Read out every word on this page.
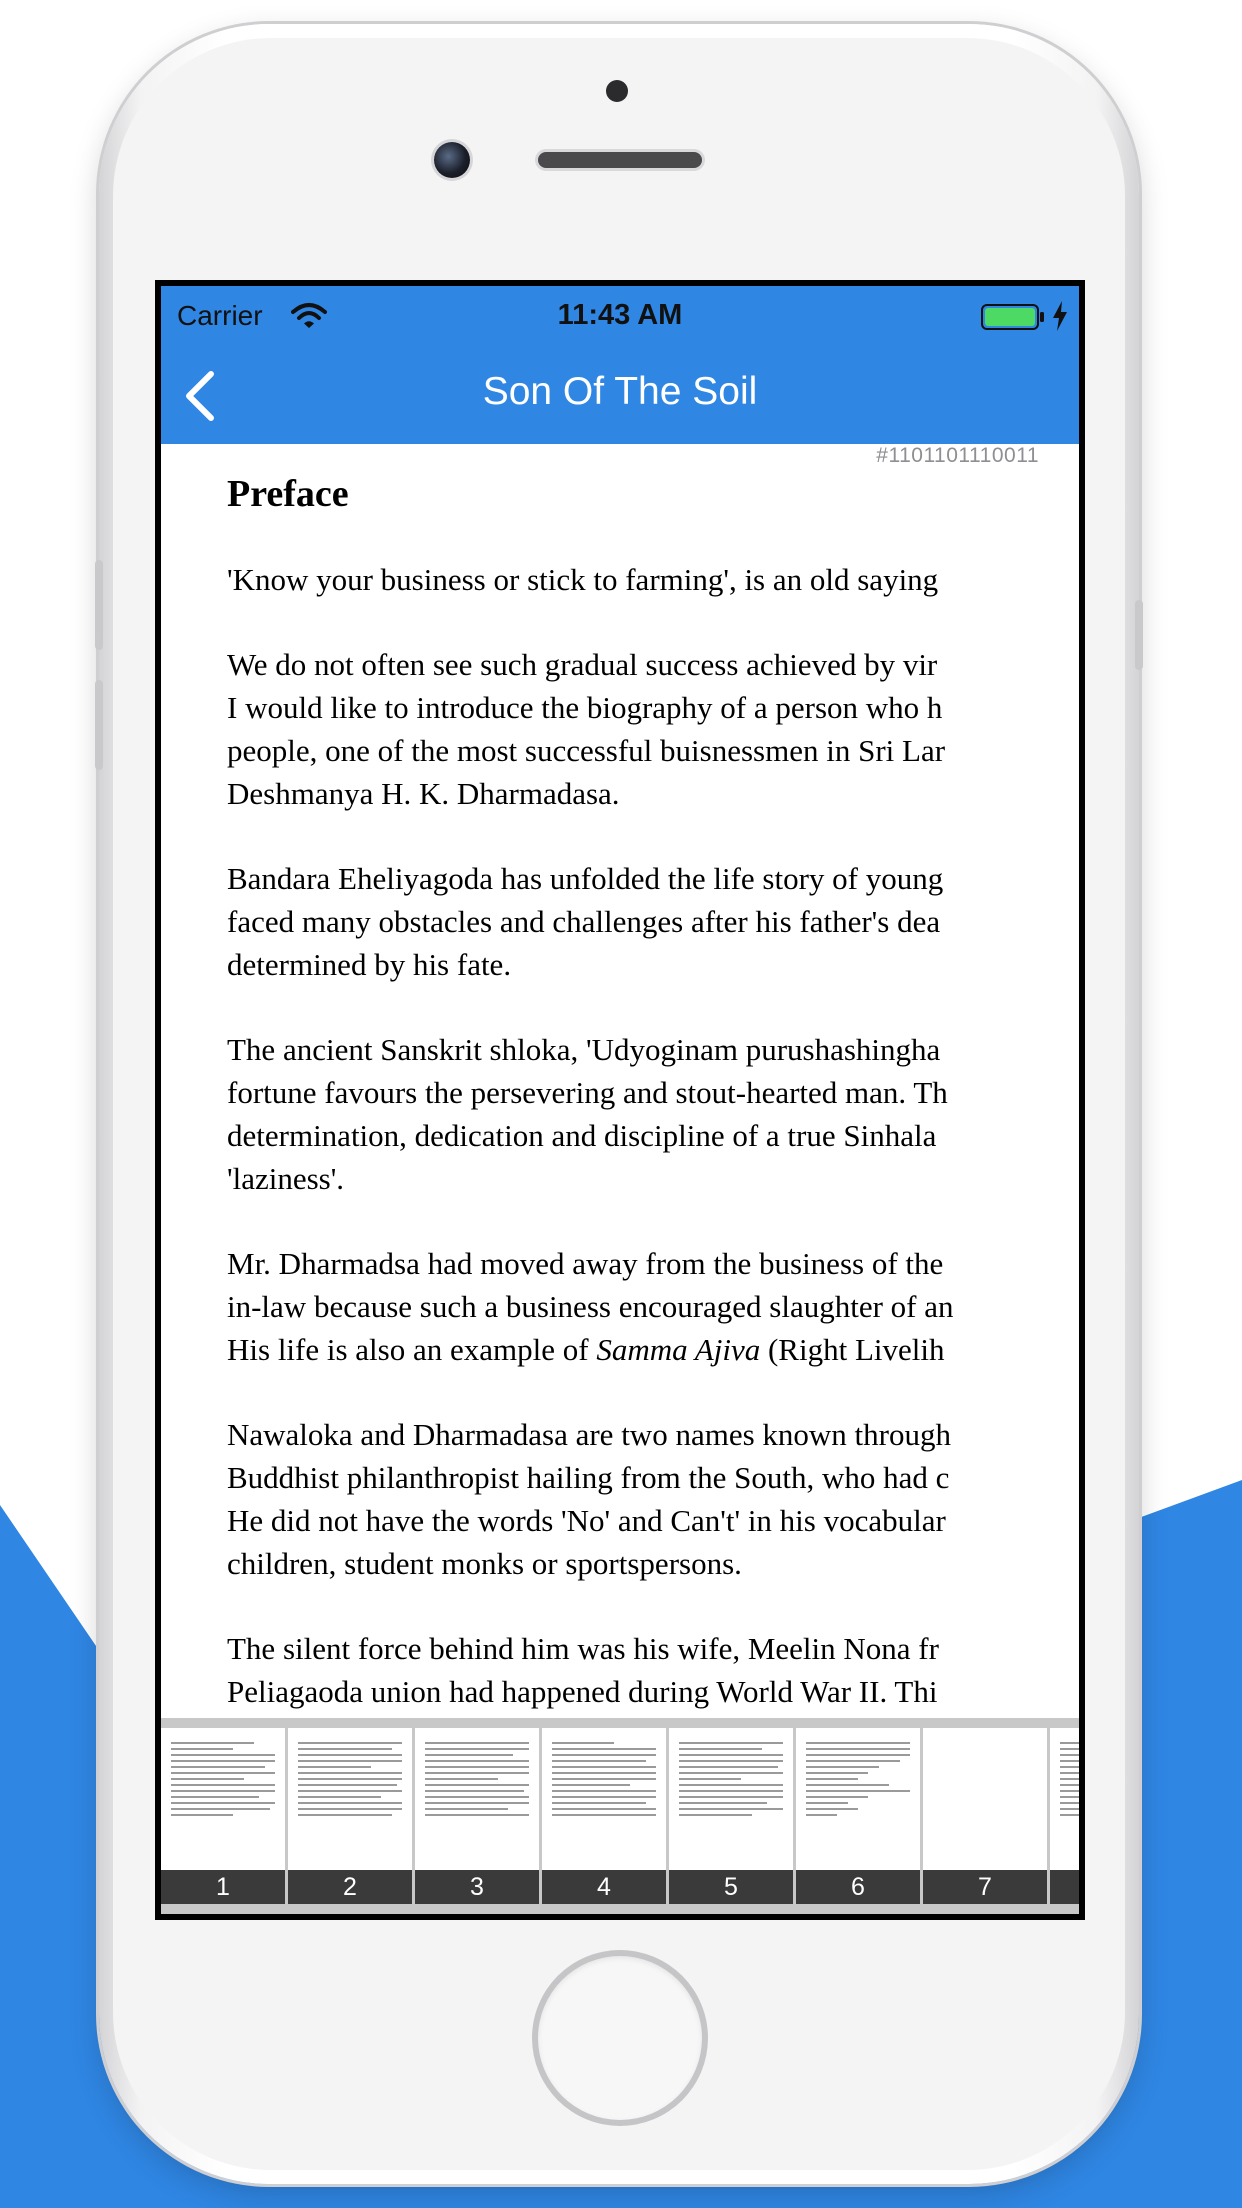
Carrier	11:43 AM
Son Of The Soil
#1101101110011
Preface
'Know your business or stick to farming', is an old saying
We do not often see such gradual success achieved by vir
I would like to introduce the biography of a person who h
people, one of the most successful buisnessmen in Sri Lar
Deshmanya H. K. Dharmadasa.
Bandara Eheliyagoda has unfolded the life story of young
faced many obstacles and challenges after his father's dea
determined by his fate.
The ancient Sanskrit shloka, 'Udyoginam purushashingha
fortune favours the persevering and stout-hearted man. Th
determination, dedication and discipline of a true Sinhala
'laziness'.
Mr. Dharmadsa had moved away from the business of the
in-law because such a business encouraged slaughter of an
His life is also an example of Samma Ajiva (Right Livelih
Nawaloka and Dharmadasa are two names known through
Buddhist philanthropist hailing from the South, who had c
He did not have the words 'No' and Can't' in his vocabular
children, student monks or sportspersons.
The silent force behind him was his wife, Meelin Nona fr
Peliagaoda union had happened during World War II. Thi
1	2	3	4	5	6	7
